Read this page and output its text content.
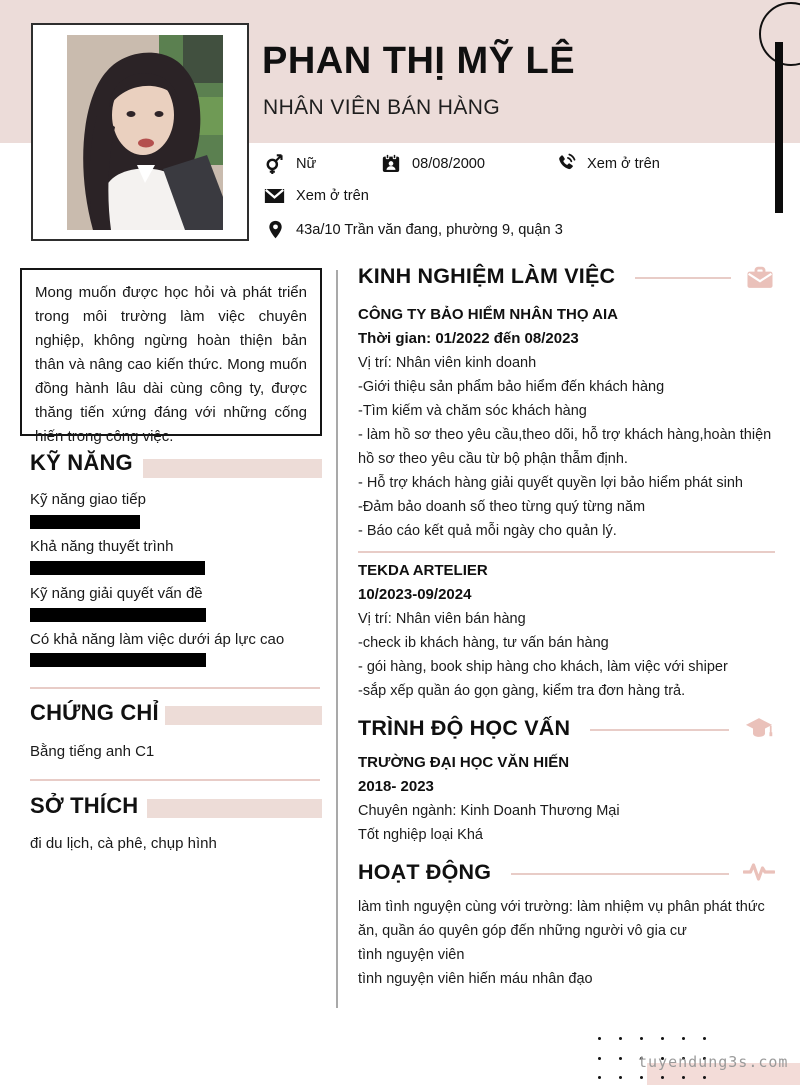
PHAN THỊ MỸ LÊ
NHÂN VIÊN BÁN HÀNG
Nữ	08/08/2000	Xem ở trên
Xem ở trên
43a/10 Trần văn đang, phường 9, quận 3

Mong muốn được học hỏi và phát triển trong môi trường làm việc chuyên nghiệp, không ngừng hoàn thiện bản thân và nâng cao kiến thức. Mong muốn đồng hành lâu dài cùng công ty, được thăng tiến xứng đáng với những cống hiến trong công việc.

KỸ NĂNG
Kỹ năng giao tiếp
Khả năng thuyết trình
Kỹ năng giải quyết vấn đề
Có khả năng làm việc dưới áp lực cao
CHỨNG CHỈ
Bằng tiếng anh C1
SỞ THÍCH
đi du lịch, cà phê, chụp hình
KINH NGHIỆM LÀM VIỆC
CÔNG TY BẢO HIỂM NHÂN THỌ AIA
Thời gian: 01/2022 đến 08/2023
Vị trí: Nhân viên kinh doanh
-Giới thiệu sản phẩm bảo hiểm đến khách hàng
-Tìm kiếm và chăm sóc khách hàng
- làm hồ sơ theo yêu cầu,theo dõi, hỗ trợ khách hàng,hoàn thiện hồ sơ theo yêu cầu từ bộ phận thẫm định.
- Hỗ trợ khách hàng giải quyết quyền lợi bảo hiểm phát sinh
-Đảm bảo doanh số theo từng quý từng năm
- Báo cáo kết quả mỗi ngày cho quản lý.
TEKDA ARTELIER
10/2023-09/2024
Vị trí: Nhân viên bán hàng
-check ib khách hàng, tư vấn bán hàng
- gói hàng, book ship hàng cho khách, làm việc với shiper
-sắp xếp quần áo gọn gàng, kiểm tra đơn hàng trả.
TRÌNH ĐỘ HỌC VẤN
TRƯỜNG ĐẠI HỌC VĂN HIẾN
2018- 2023
Chuyên ngành: Kinh Doanh Thương Mại
Tốt nghiệp loại Khá
HOẠT ĐỘNG
làm tình nguyện cùng với trường: làm nhiệm vụ phân phát thức ăn, quần áo quyên góp đến những người vô gia cư
tình nguyện viên
tình nguyện viên hiến máu nhân đạo
tuyendung3s.com
